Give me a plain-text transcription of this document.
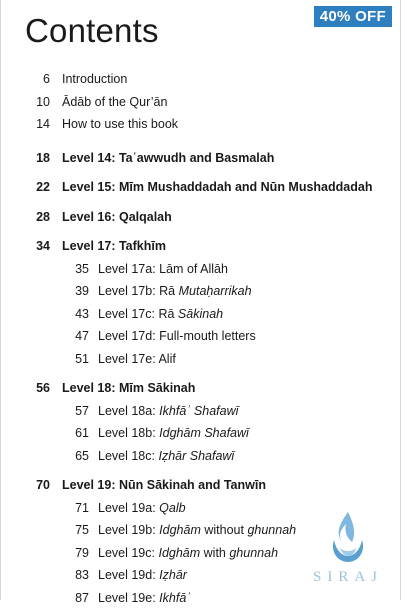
Contents	40% OFF
6 Introduction
10 Ādāb of the Qur’ān
14 How to use this book
18 Level 14: Taʿawwudh and Basmalah
22 Level 15: Mīm Mushaddadah and Nūn Mushaddadah
28 Level 16: Qalqalah
34 Level 17: Tafkhīm
35 Level 17a: Lām of Allāh
39 Level 17b: Rā Mutaḥarrikah
43 Level 17c: Rā Sākinah
47 Level 17d: Full-mouth letters
51 Level 17e: Alif
56 Level 18: Mīm Sākinah
57 Level 18a: Ikhfāʾ Shafawī
61 Level 18b: Idghām Shafawī
65 Level 18c: Iẓhār Shafawī
70 Level 19: Nūn Sākinah and Tanwīn
71 Level 19a: Qalb
75 Level 19b: Idghām without ghunnah
79 Level 19c: Idghām with ghunnah
83 Level 19d: Iẓhār
87 Level 19e: Ikhfāʾ
SIRAJ
